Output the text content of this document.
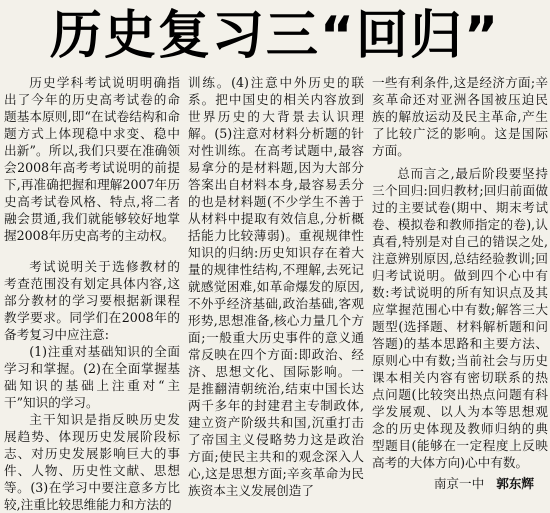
历史复习三“回归”

历史学科考试说明明确指出了今年的历史高考试卷的命题基本原则,即“在试卷结构和命题方式上体现稳中求变、稳中出新”。所以,我们只要在准确领会2008年高考考试说明的前提下,再准确把握和理解2007年历史高考试卷风格、特点,将二者融会贯通,我们就能够较好地掌握2008年历史高考的主动权。

考试说明关于选修教材的考查范围没有划定具体内容,这部分教材的学习要根据新课程教学要求。同学们在2008年的备考复习中应注意:

(1)注重对基础知识的全面学习和掌握。(2)在全面掌握基础知识的基础上注重对“主干”知识的学习。

主干知识是指反映历史发展趋势、体现历史发展阶段标志、对历史发展影响巨大的事件、人物、历史性文献、思想等。(3)在学习中要注意多方比较,注重比较思维能力和方法的

训练。(4)注意中外历史的联系。把中国史的相关内容放到世界历史的大背景去认识理解。(5)注意对材料分析题的针对性训练。在高考试题中,最容易拿分的是材料题,因为大部分答案出自材料本身,最容易丢分的也是材料题(不少学生不善于从材料中提取有效信息,分析概括能力比较薄弱)。重视规律性知识的归纳:历史知识存在着大量的规律性结构,不理解,去死记就感觉困难,如革命爆发的原因,不外乎经济基础,政治基础,客观形势,思想准备,核心力量几个方面;一般重大历史事件的意义通常反映在四个方面:即政治、经济、思想文化、国际影响。一是推翻清朝统治,结束中国长达两千多年的封建君主专制政体,建立资产阶级共和国,沉重打击了帝国主义侵略势力这是政治方面;使民主共和的观念深入人心,这是思想方面;辛亥革命为民族资本主义发展创造了

一些有利条件,这是经济方面;辛亥革命还对亚洲各国被压迫民族的解放运动及民主革命,产生了比较广泛的影响。这是国际方面。

总而言之,最后阶段要坚持三个回归:回归教材;回归前面做过的主要试卷(期中、期末考试卷、模拟卷和教师指定的卷),认真看,特别是对自己的错误之处,注意辨别原因,总结经验教训;回归考试说明。做到四个心中有数:考试说明的所有知识点及其应掌握范围心中有数;解答三大题型(选择题、材料解析题和问答题)的基本思路和主要方法、原则心中有数;当前社会与历史课本相关内容有密切联系的热点问题(比较突出热点问题有科学发展观、以人为本等思想观念的历史体现及教师归纳的典型题目(能够在一定程度上反映高考的大体方向)心中有数。

南京一中 郭东辉
